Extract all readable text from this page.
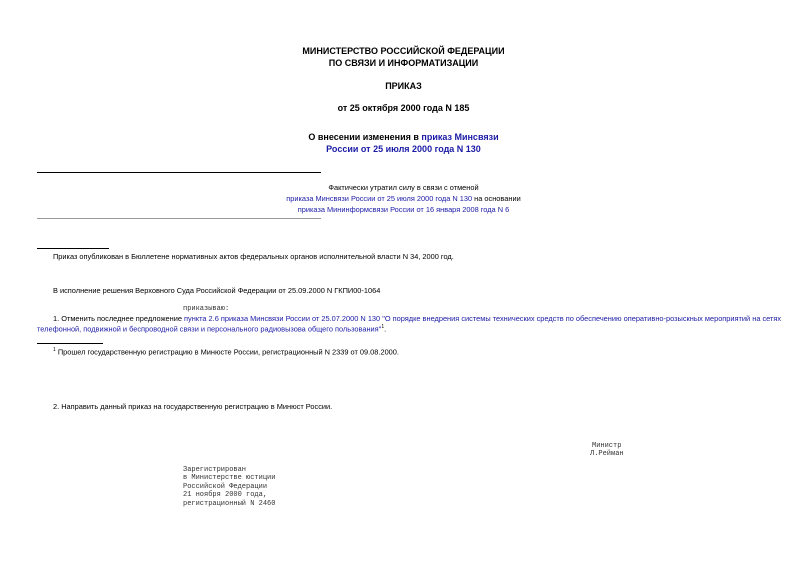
МИНИСТЕРСТВО РОССИЙСКОЙ ФЕДЕРАЦИИ
ПО СВЯЗИ И ИНФОРМАТИЗАЦИИ
ПРИКАЗ
от 25 октября 2000 года N 185
О внесении изменения в приказ Минсвязи
России от 25 июля 2000 года N 130
Фактически утратил силу в связи с отменой
приказа Минсвязи России от 25 июля 2000 года N 130 на основании
приказа Мининформсвязи России от 16 января 2008 года N 6
Приказ опубликован в Бюллетене нормативных актов федеральных органов исполнительной власти N 34, 2000 год.
В исполнение решения Верховного Суда Российской Федерации от 25.09.2000 N ГКПИ00-1064
приказываю:
1. Отменить последнее предложение пункта 2.6 приказа Минсвязи России от 25.07.2000 N 130 "О порядке внедрения системы технических средств по обеспечению оперативно-розыскных мероприятий на сетях
телефонной, подвижной и беспроводной связи и персонального радиовызова общего пользования"$^1$.
$^1$ Прошел государственную регистрацию в Минюсте России, регистрационный N 2339 от 09.08.2000.
2. Направить данный приказ на государственную регистрацию в Минюст России.
Министр
Л.Рейман
Зарегистрирован
в Министерстве юстиции
Российской Федерации
21 ноября 2000 года,
регистрационный N 2460
